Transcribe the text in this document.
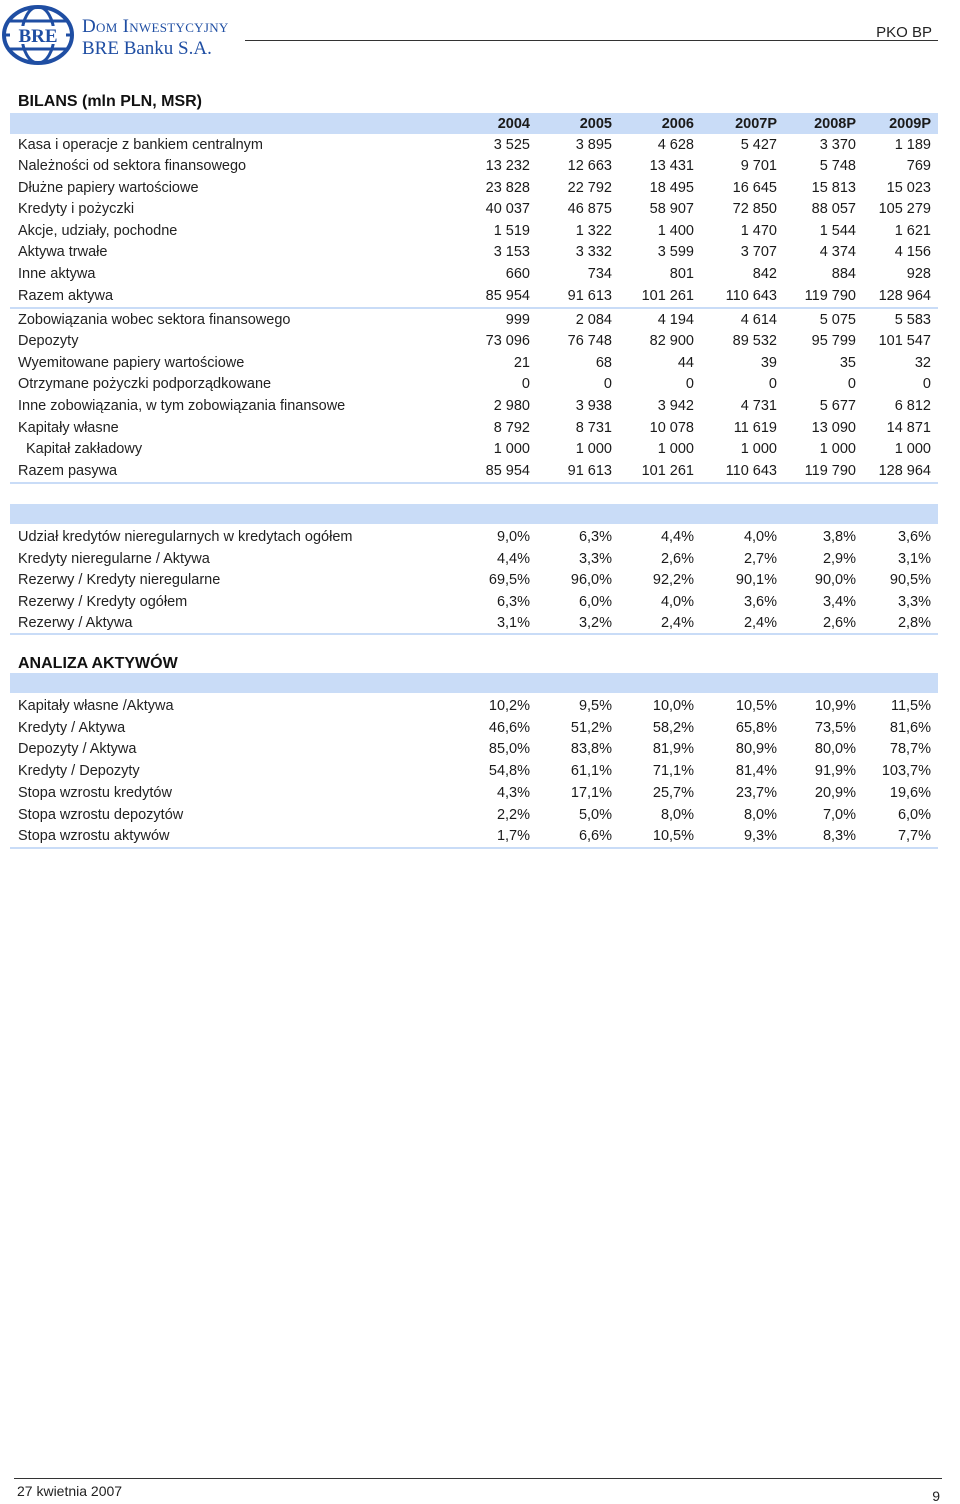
BRE Dom Inwestycyjny
BRE Banku S.A.
PKO BP
BILANS (mln PLN, MSR)
	2004	2005	2006	2007P	2008P	2009P
Kasa i operacje z bankiem centralnym	3 525	3 895	4 628	5 427	3 370	1 189
Należności od sektora finansowego	13 232	12 663	13 431	9 701	5 748	769
Dłużne papiery wartościowe	23 828	22 792	18 495	16 645	15 813	15 023
Kredyty i pożyczki	40 037	46 875	58 907	72 850	88 057	105 279
Akcje, udziały, pochodne	1 519	1 322	1 400	1 470	1 544	1 621
Aktywa trwałe	3 153	3 332	3 599	3 707	4 374	4 156
Inne aktywa	660	734	801	842	884	928
Razem aktywa	85 954	91 613	101 261	110 643	119 790	128 964
Zobowiązania wobec sektora finansowego	999	2 084	4 194	4 614	5 075	5 583
Depozyty	73 096	76 748	82 900	89 532	95 799	101 547
Wyemitowane papiery wartościowe	21	68	44	39	35	32
Otrzymane pożyczki podporządkowane	0	0	0	0	0	0
Inne zobowiązania, w tym zobowiązania finansowe	2 980	3 938	3 942	4 731	5 677	6 812
Kapitały własne	8 792	8 731	10 078	11 619	13 090	14 871
Kapitał zakładowy	1 000	1 000	1 000	1 000	1 000	1 000
Razem pasywa	85 954	91 613	101 261	110 643	119 790	128 964
Udział kredytów nieregularnych w kredytach ogółem	9,0%	6,3%	4,4%	4,0%	3,8%	3,6%
Kredyty nieregularne / Aktywa	4,4%	3,3%	2,6%	2,7%	2,9%	3,1%
Rezerwy / Kredyty nieregularne	69,5%	96,0%	92,2%	90,1%	90,0%	90,5%
Rezerwy / Kredyty ogółem	6,3%	6,0%	4,0%	3,6%	3,4%	3,3%
Rezerwy / Aktywa	3,1%	3,2%	2,4%	2,4%	2,6%	2,8%
ANALIZA AKTYWÓW
Kapitały własne /Aktywa	10,2%	9,5%	10,0%	10,5%	10,9%	11,5%
Kredyty / Aktywa	46,6%	51,2%	58,2%	65,8%	73,5%	81,6%
Depozyty / Aktywa	85,0%	83,8%	81,9%	80,9%	80,0%	78,7%
Kredyty / Depozyty	54,8%	61,1%	71,1%	81,4%	91,9%	103,7%
Stopa wzrostu kredytów	4,3%	17,1%	25,7%	23,7%	20,9%	19,6%
Stopa wzrostu depozytów	2,2%	5,0%	8,0%	8,0%	7,0%	6,0%
Stopa wzrostu aktywów	1,7%	6,6%	10,5%	9,3%	8,3%	7,7%
27 kwietnia 2007	9
